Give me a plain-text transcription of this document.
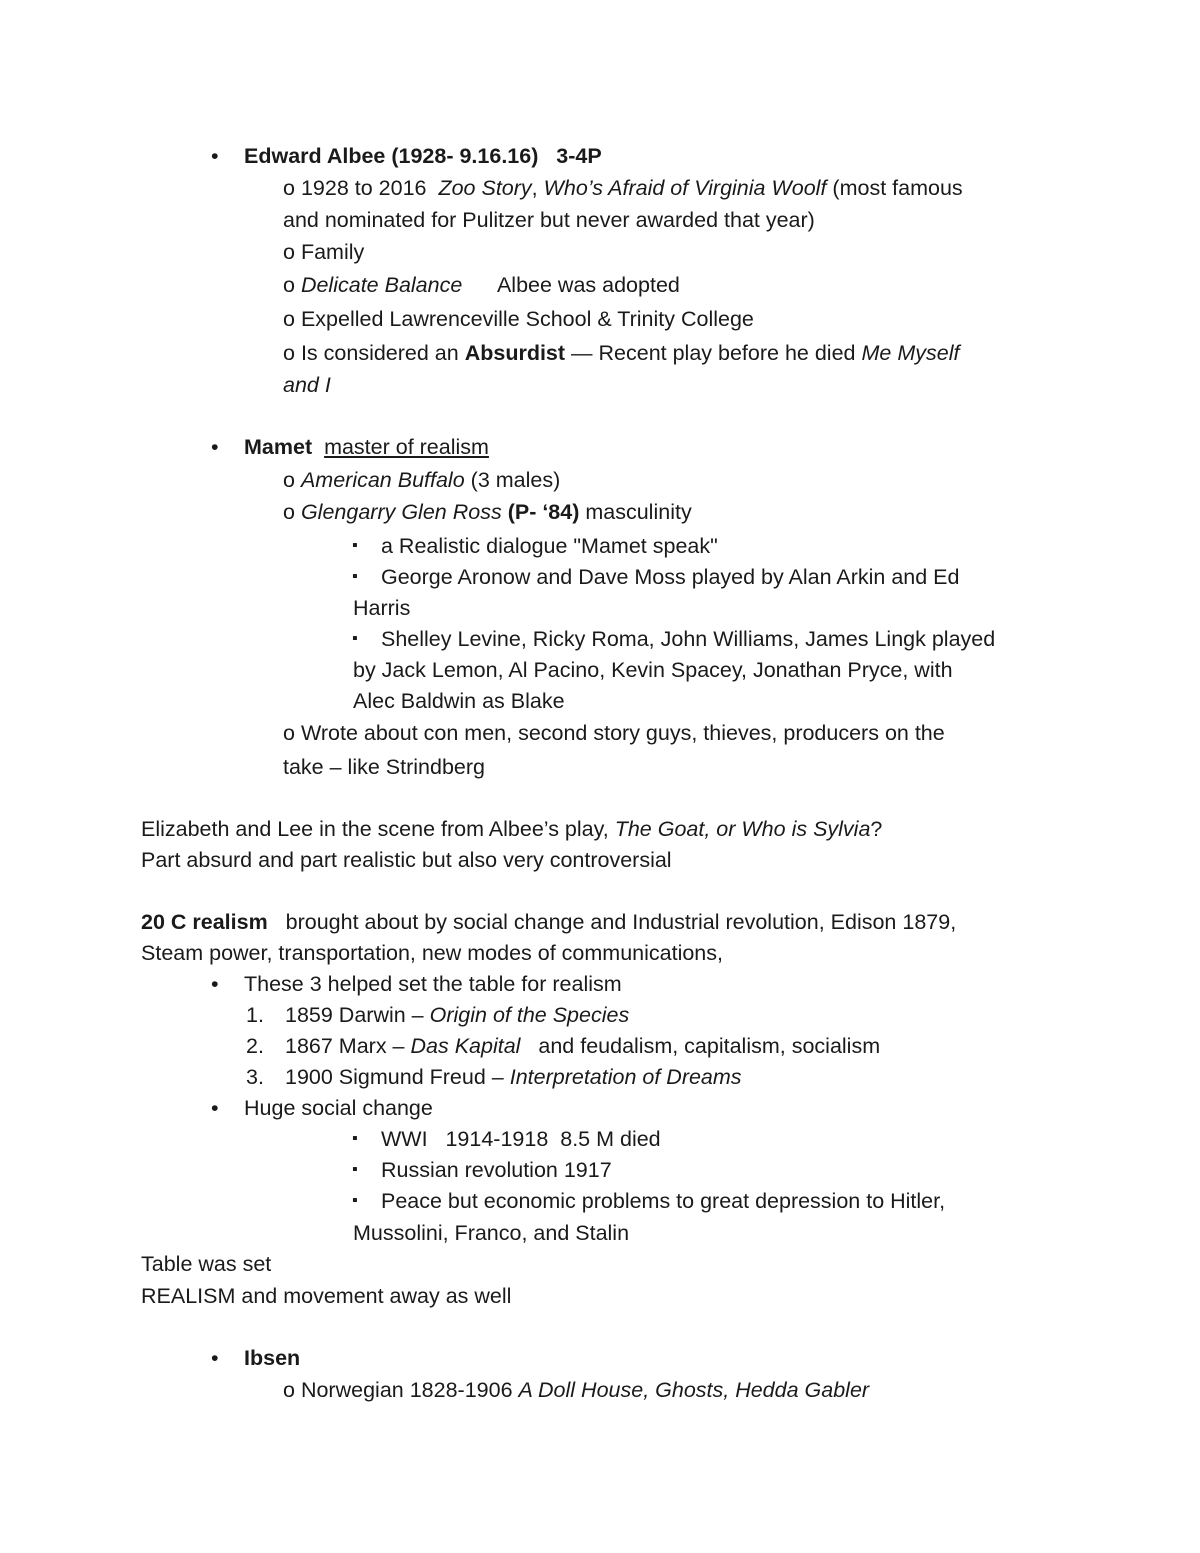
• Edward Albee (1928- 9.16.16) 3-4P
o 1928 to 2016 Zoo Story, Who’s Afraid of Virginia Woolf (most famous
and nominated for Pulitzer but never awarded that year)
o Family
o Delicate Balance Albee was adopted
o Expelled Lawrenceville School & Trinity College
o Is considered an Absurdist — Recent play before he died Me Myself
and I
• Mamet master of realism
o American Buffalo (3 males)
o Glengarry Glen Ross (P- ‘84) masculinity
▪ a Realistic dialogue "Mamet speak"
▪ George Aronow and Dave Moss played by Alan Arkin and Ed
Harris
▪ Shelley Levine, Ricky Roma, John Williams, James Lingk played
by Jack Lemon, Al Pacino, Kevin Spacey, Jonathan Pryce, with
Alec Baldwin as Blake
o Wrote about con men, second story guys, thieves, producers on the
take – like Strindberg
Elizabeth and Lee in the scene from Albee’s play, The Goat, or Who is Sylvia?
Part absurd and part realistic but also very controversial
20 C realism brought about by social change and Industrial revolution, Edison 1879,
Steam power, transportation, new modes of communications,
• These 3 helped set the table for realism
1. 1859 Darwin – Origin of the Species
2. 1867 Marx – Das Kapital and feudalism, capitalism, socialism
3. 1900 Sigmund Freud – Interpretation of Dreams
• Huge social change
▪ WWI   1914-1918  8.5 M died
▪ Russian revolution 1917
▪ Peace but economic problems to great depression to Hitler,
Mussolini, Franco, and Stalin
Table was set
REALISM and movement away as well
• Ibsen
o Norwegian 1828-1906 A Doll House, Ghosts, Hedda Gabler
